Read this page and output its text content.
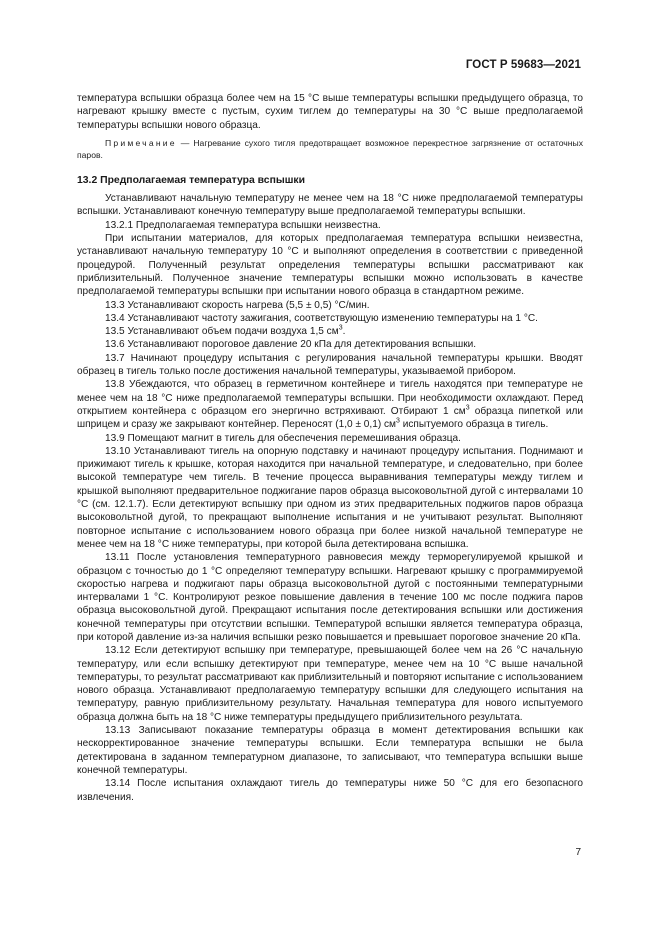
ГОСТ Р 59683—2021

температура вспышки образца более чем на 15 °С выше температуры вспышки предыдущего образца, то нагревают крышку вместе с пустым, сухим тиглем до температуры на 30 °С выше предполагаемой температуры вспышки нового образца.

Примечание — Нагревание сухого тигля предотвращает возможное перекрестное загрязнение от остаточных паров.

13.2 Предполагаемая температура вспышки

Устанавливают начальную температуру не менее чем на 18 °С ниже предполагаемой температуры вспышки. Устанавливают конечную температуру выше предполагаемой температуры вспышки.

13.2.1 Предполагаемая температура вспышки неизвестна.

При испытании материалов, для которых предполагаемая температура вспышки неизвестна, устанавливают начальную температуру 10 °С и выполняют определения в соответствии с приведенной процедурой. Полученный результат определения температуры вспышки рассматривают как приблизительный. Полученное значение температуры вспышки можно использовать в качестве предполагаемой температуры вспышки при испытании нового образца в стандартном режиме.

13.3 Устанавливают скорость нагрева (5,5 ± 0,5) °С/мин.

13.4 Устанавливают частоту зажигания, соответствующую изменению температуры на 1 °С.

13.5 Устанавливают объем подачи воздуха 1,5 $см^3$.

13.6 Устанавливают пороговое давление 20 кПа для детектирования вспышки.

13.7 Начинают процедуру испытания с регулирования начальной температуры крышки. Вводят образец в тигель только после достижения начальной температуры, указываемой прибором.

13.8 Убеждаются, что образец в герметичном контейнере и тигель находятся при температуре не менее чем на 18 °С ниже предполагаемой температуры вспышки. При необходимости охлаждают. Перед открытием контейнера с образцом его энергично встряхивают. Отбирают 1 $см^3$ образца пипеткой или шприцем и сразу же закрывают контейнер. Переносят (1,0 ± 0,1) $см^3$ испытуемого образца в тигель.

13.9 Помещают магнит в тигель для обеспечения перемешивания образца.

13.10 Устанавливают тигель на опорную подставку и начинают процедуру испытания. Поднимают и прижимают тигель к крышке, которая находится при начальной температуре, и следовательно, при более высокой температуре чем тигель. В течение процесса выравнивания температуры между тиглем и крышкой выполняют предварительное поджигание паров образца высоковольтной дугой с интервалами 10 °С (см. 12.1.7). Если детектируют вспышку при одном из этих предварительных поджигов паров образца высоковольтной дугой, то прекращают выполнение испытания и не учитывают результат. Выполняют повторное испытание с использованием нового образца при более низкой начальной температуре не менее чем на 18 °С ниже температуры, при которой была детектирована вспышка.

13.11 После установления температурного равновесия между терморегулируемой крышкой и образцом с точностью до 1 °С определяют температуру вспышки. Нагревают крышку с программируемой скоростью нагрева и поджигают пары образца высоковольтной дугой с постоянными температурными интервалами 1 °С. Контролируют резкое повышение давления в течение 100 мс после поджига паров образца высоковольтной дугой. Прекращают испытания после детектирования вспышки или достижения конечной температуры при отсутствии вспышки. Температурой вспышки является температура образца, при которой давление из-за наличия вспышки резко повышается и превышает пороговое значение 20 кПа.

13.12 Если детектируют вспышку при температуре, превышающей более чем на 26 °С начальную температуру, или если вспышку детектируют при температуре, менее чем на 10 °С выше начальной температуры, то результат рассматривают как приблизительный и повторяют испытание с использованием нового образца. Устанавливают предполагаемую температуру вспышки для следующего испытания на температуру, равную приблизительному результату. Начальная температура для нового испытуемого образца должна быть на 18 °С ниже температуры предыдущего приблизительного результата.

13.13 Записывают показание температуры образца в момент детектирования вспышки как нескорректированное значение температуры вспышки. Если температура вспышки не была детектирована в заданном температурном диапазоне, то записывают, что температура вспышки выше конечной температуры.

13.14 После испытания охлаждают тигель до температуры ниже 50 °С для его безопасного извлечения.

7
